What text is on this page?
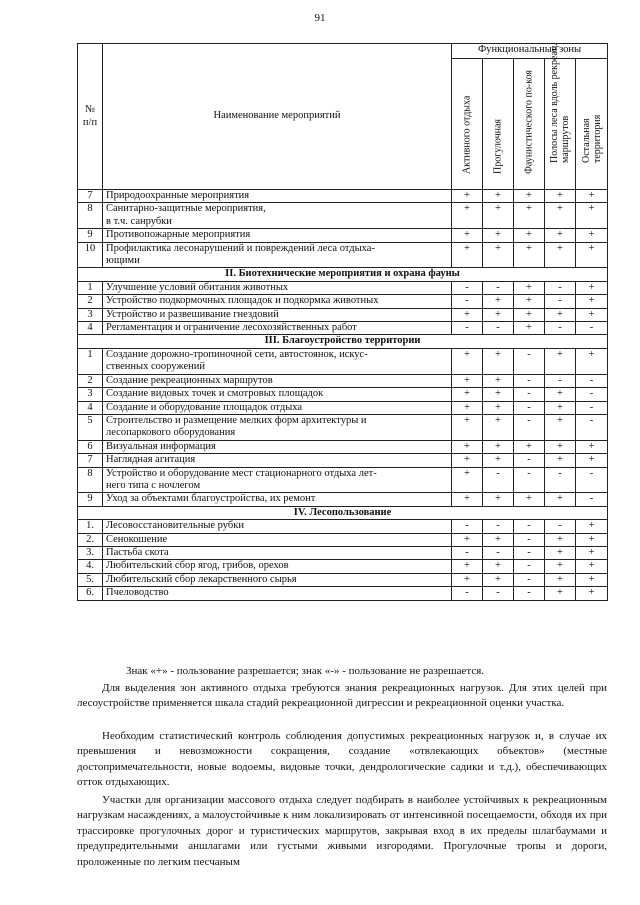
91
№
п/п	Наименование мероприятий	Функциональные зоны				

		Активного отдыха	Прогулочная	Фаунистического по-коя	Полосы леса вдоль рекреац. маршрутов	Остальная территория

7	Природоохранные мероприятия	+	+	+	+	+
8	Санитарно-защитные мероприятия,
в т.ч. санрубки	+	+	+	+	+
9	Противопожарные мероприятия	+	+	+	+	+
10	Профилактика лесонарушений и повреждений леса отдыха-
ющими	+	+	+	+	+
II. Биотехнические мероприятия и охрана фауны						
1	Улучшение условий обитания животных	-	-	+	-	+
2	Устройство подкормочных площадок и подкормка животных	-	+	+	-	+
3	Устройство и развешивание гнездовий	+	+	+	+	+
4	Регламентация и ограничение лесохозяйственных работ	-	-	+	-	-
III. Благоустройство территории						
1	Создание дорожно-тропиночной сети, автостоянок, искус-
ственных сооружений	+	+	-	+	+
2	Создание рекреационных маршрутов	+	+	-	-	-
3	Создание видовых точек и смотровых площадок	+	+	-	+	-
4	Создание и оборудование площадок отдыха	+	+	-	+	-
5	Строительство и размещение мелких форм архитектуры и
лесопаркового оборудования	+	+	-	+	-
6	Визуальная информация	+	+	+	+	+
7	Наглядная агитация	+	+	-	+	+
8	Устройство и оборудование мест стационарного отдыха лет-
него типа с ночлегом	+	-	-	-	-
9	Уход за объектами благоустройства, их ремонт	+	+	+	+	-
IV. Лесопользование						
1.	Лесовосстановительные рубки	-	-	-	-	+
2.	Сенокошение	+	+	-	+	+
3.	Пастьба скота	-	-	-	+	+
4.	Любительский сбор ягод, грибов, орехов	+	+	-	+	+
5.	Любительский сбор лекарственного сырья	+	+	-	+	+
6.	Пчеловодство	-	-	-	+	+
Знак «+» - пользование разрешается; знак «-» - пользование не разрешается.

Для выделения зон активного отдыха требуются знания рекреационных нагрузок. Для этих целей при лесоустройстве применяется шкала стадий рекреационной дигрессии и рекреационной оценки участка.

Необходим статистический контроль соблюдения допустимых рекреационных нагрузок и, в случае их превышения и невозможности сокращения, создание «отвлекающих объектов» (местные достопримечательности, новые водоемы, видовые точки, дендрологические садики и т.д.), обеспечивающих отток отдыхающих.

Участки для организации массового отдыха следует подбирать в наиболее устойчивых к рекреационным нагрузкам насаждениях, а малоустойчивые к ним локализировать от интенсивной посещаемости, обходя их при трассировке прогулочных дорог и туристических маршрутов, закрывая вход в их пределы шлагбаумами и предупредительными аншлагами или густыми живыми изгородями. Прогулочные тропы и дороги, проложенные по легким песчаным
